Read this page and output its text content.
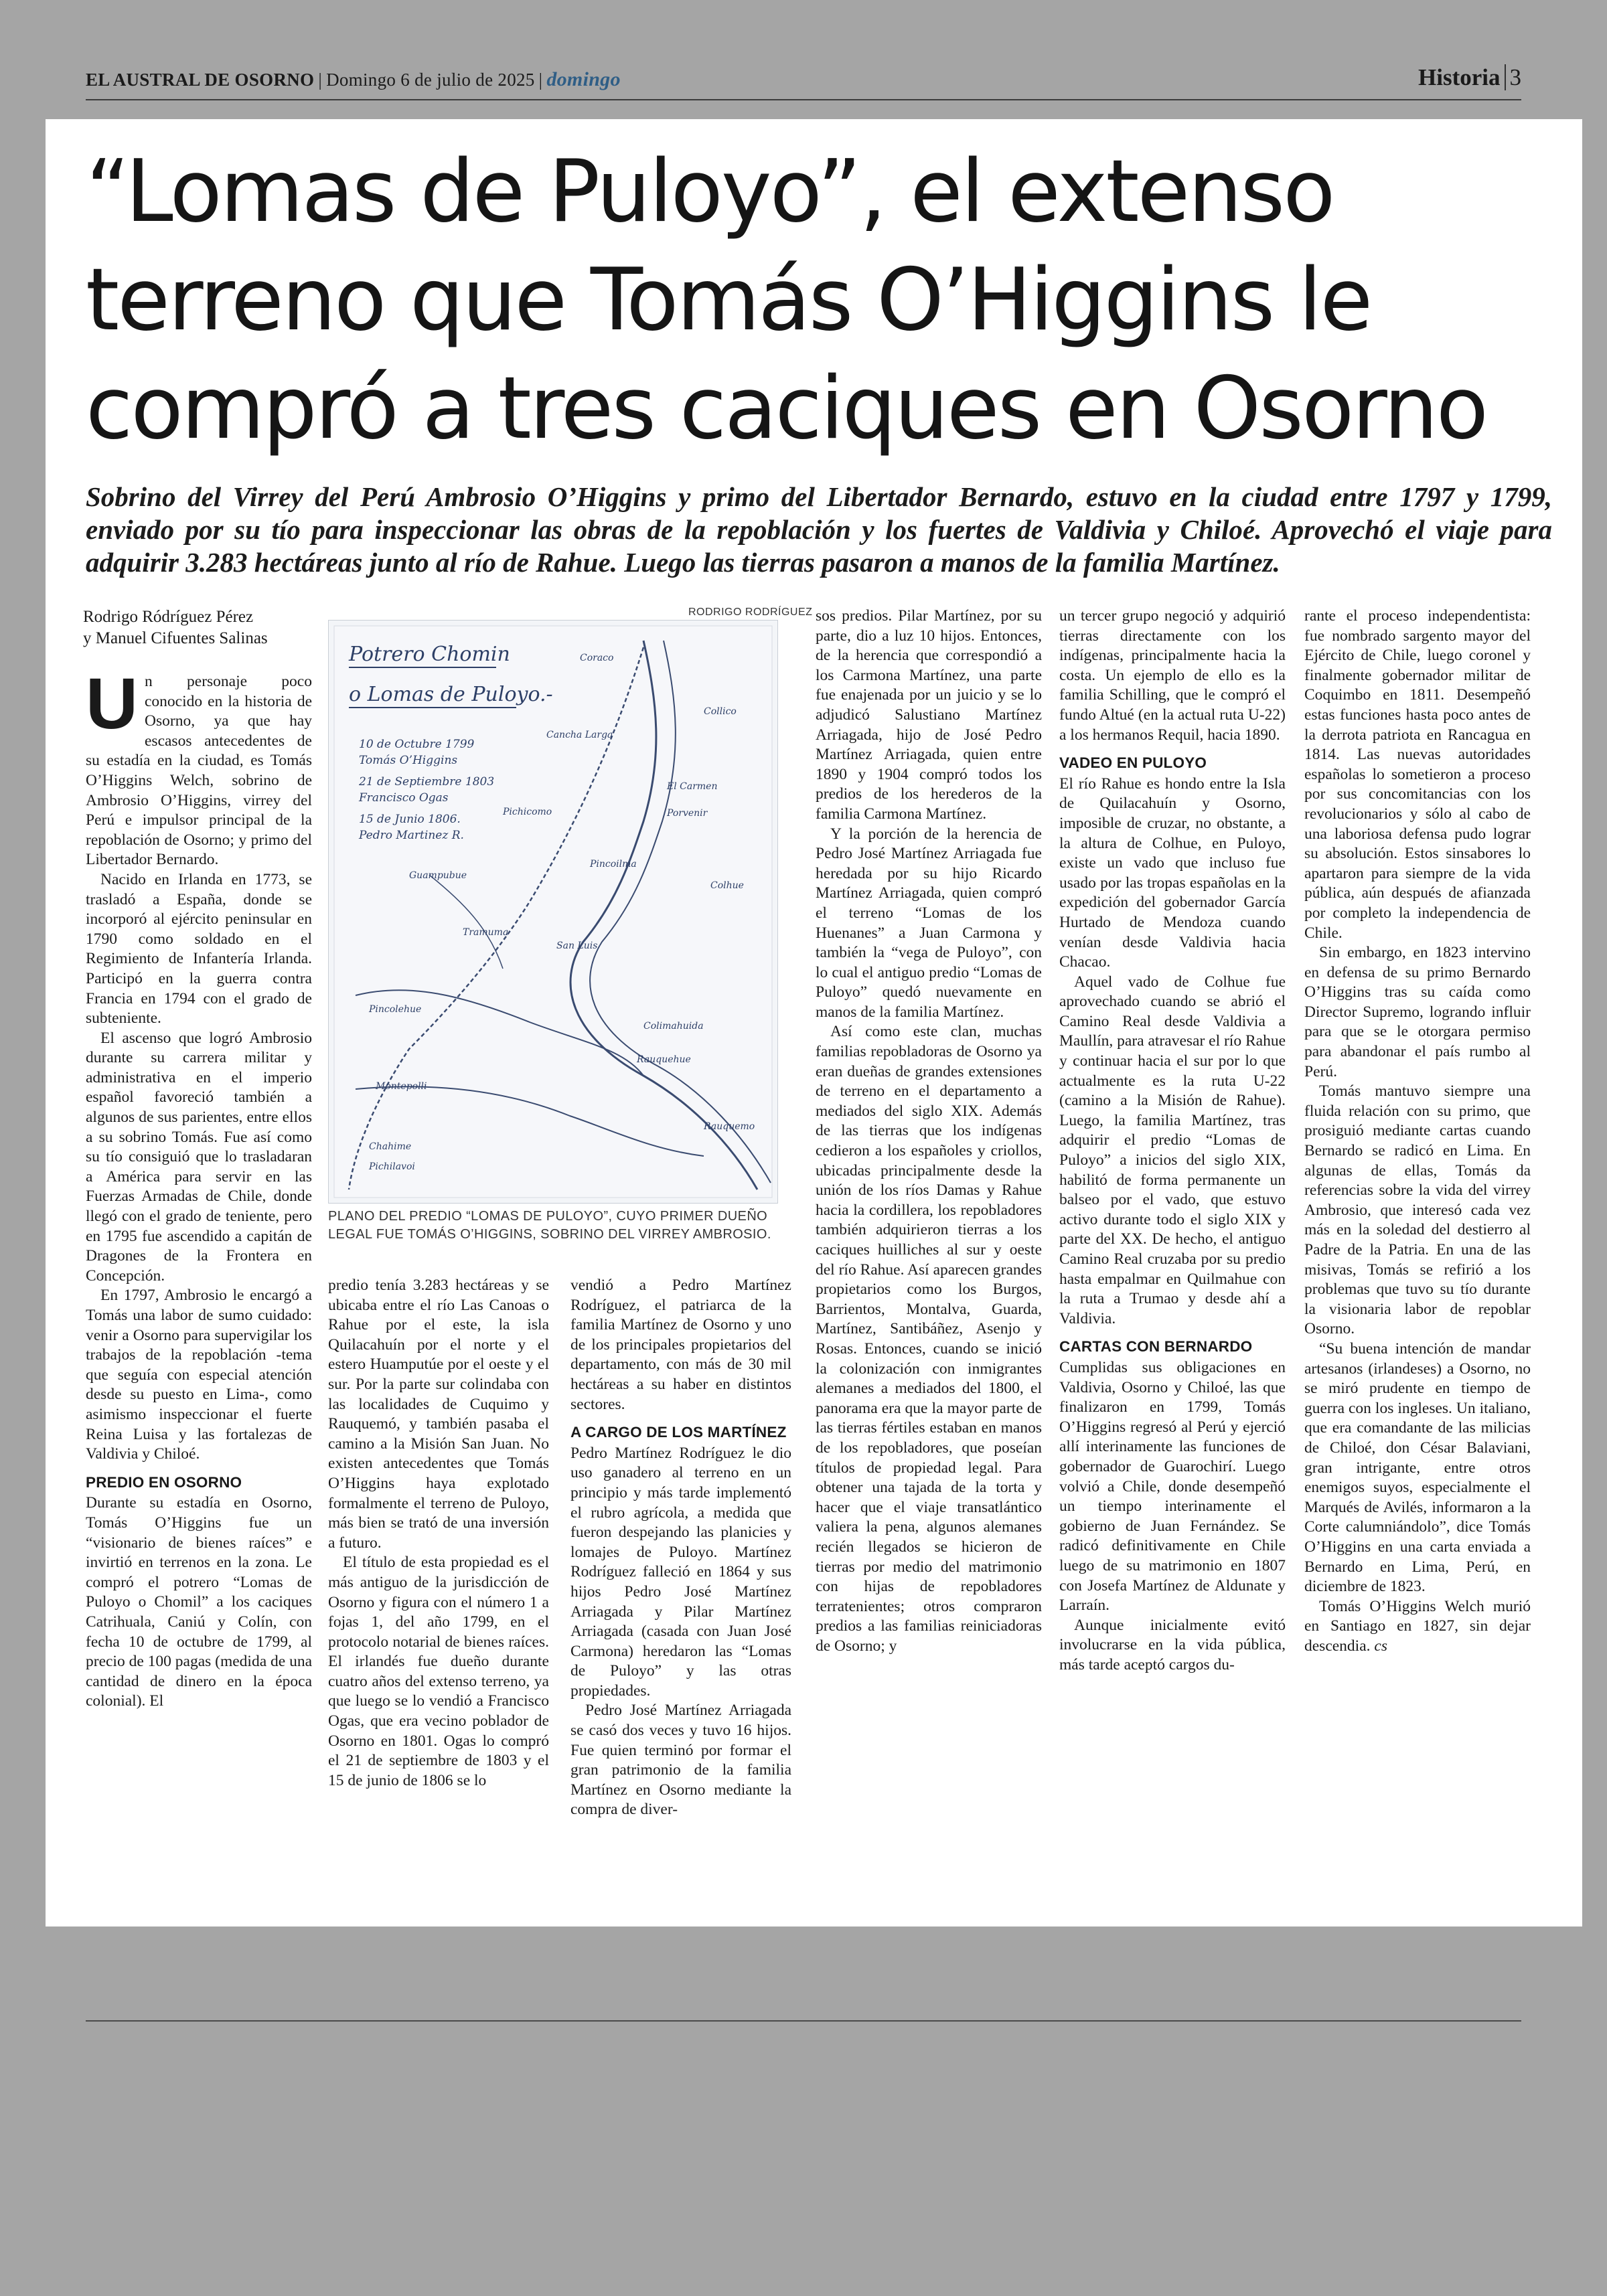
EL AUSTRAL DE OSORNO | Domingo 6 de julio de 2025 | domingo	Historia 3
“Lomas de Puloyo”, el extenso
terreno que Tomás O’Higgins le
compró a tres caciques en Osorno
Sobrino del Virrey del Perú Ambrosio O’Higgins y primo del Libertador Bernardo, estuvo en la ciudad entre 1797 y 1799, enviado por su tío para inspeccionar las obras de la repoblación y los fuertes de Valdivia y Chiloé. Aprovechó el viaje para adquirir 3.283 hectáreas junto al río de Rahue. Luego las tierras pasaron a manos de la familia Martínez.
Rodrigo Ródríguez Pérez
y Manuel Cifuentes Salinas
RODRIGO RODRÍGUEZ
Potrero Chomin
o Lomas de Puloyo.-
10 de Octubre 1799
Tomás O’Higgins
21 de Septiembre 1803
Francisco Ogas
15 de Junio 1806.
Pedro Martinez R.
Coraco
Collico
Cancha Larga
Pichicomo
El Carmen
Porvenir
Guampubue
Pincoilma
Colhue
Tramuma
San Luis
Pincolehue
Colimahuida
Rauquehue
Montepolli
Chahime
Pichilavoi
Rauquemo
PLANO DEL PREDIO “LOMAS DE PULOYO”, CUYO PRIMER DUEÑO LEGAL FUE TOMÁS O’HIGGINS, SOBRINO DEL VIRREY AMBROSIO.

Un personaje poco conocido en la historia de Osorno, ya que hay escasos antecedentes de su estadía en la ciudad, es Tomás O’Higgins Welch, sobrino de Ambrosio O’Higgins, virrey del Perú e impulsor principal de la repoblación de Osorno; y primo del Libertador Bernardo.

Nacido en Irlanda en 1773, se trasladó a España, donde se incorporó al ejército peninsular en 1790 como soldado en el Regimiento de Infantería Irlanda. Participó en la guerra contra Francia en 1794 con el grado de subteniente.

El ascenso que logró Ambrosio durante su carrera militar y administrativa en el imperio español favoreció también a algunos de sus parientes, entre ellos a su sobrino Tomás. Fue así como su tío consiguió que lo trasladaran a América para servir en las Fuerzas Armadas de Chile, donde llegó con el grado de teniente, pero en 1795 fue ascendido a capitán de Dragones de la Frontera en Concepción.

En 1797, Ambrosio le encargó a Tomás una labor de sumo cuidado: venir a Osorno para supervigilar los trabajos de la repoblación -tema que seguía con especial atención desde su puesto en Lima-, como asimismo inspeccionar el fuerte Reina Luisa y las fortalezas de Valdivia y Chiloé.

PREDIO EN OSORNO

Durante su estadía en Osorno, Tomás O’Higgins fue un “visionario de bienes raíces” e invirtió en terrenos en la zona. Le compró el potrero “Lomas de Puloyo o Chomil” a los caciques Catrihuala, Caniú y Colín, con fecha 10 de octubre de 1799, al precio de 100 pagas (medida de una cantidad de dinero en la época colonial). El

predio tenía 3.283 hectáreas y se ubicaba entre el río Las Canoas o Rahue por el este, la isla Quilacahuín por el norte y el estero Huamputúe por el oeste y el sur. Por la parte sur colindaba con las localidades de Cuquimo y Rauquemó, y también pasaba el camino a la Misión San Juan. No existen antecedentes que Tomás O’Higgins haya explotado formalmente el terreno de Puloyo, más bien se trató de una inversión a futuro.

El título de esta propiedad es el más antiguo de la jurisdicción de Osorno y figura con el número 1 a fojas 1, del año 1799, en el protocolo notarial de bienes raíces. El irlandés fue dueño durante cuatro años del extenso terreno, ya que luego se lo vendió a Francisco Ogas, que era vecino poblador de Osorno en 1801. Ogas lo compró el 21 de septiembre de 1803 y el 15 de junio de 1806 se lo

vendió a Pedro Martínez Rodríguez, el patriarca de la familia Martínez de Osorno y uno de los principales propietarios del departamento, con más de 30 mil hectáreas a su haber en distintos sectores.

A CARGO DE LOS MARTÍNEZ

Pedro Martínez Rodríguez le dio uso ganadero al terreno en un principio y más tarde implementó el rubro agrícola, a medida que fueron despejando las planicies y lomajes de Puloyo. Martínez Rodríguez falleció en 1864 y sus hijos Pedro José Martínez Arriagada y Pilar Martínez Arriagada (casada con Juan José Carmona) heredaron las “Lomas de Puloyo” y las otras propiedades.

Pedro José Martínez Arriagada se casó dos veces y tuvo 16 hijos. Fue quien terminó por formar el gran patrimonio de la familia Martínez en Osorno mediante la compra de diver-

sos predios. Pilar Martínez, por su parte, dio a luz 10 hijos. Entonces, de la herencia que correspondió a los Carmona Martínez, una parte fue enajenada por un juicio y se lo adjudicó Salustiano Martínez Arriagada, hijo de José Pedro Martínez Arriagada, quien entre 1890 y 1904 compró todos los predios de los herederos de la familia Carmona Martínez.

Y la porción de la herencia de Pedro José Martínez Arriagada fue heredada por su hijo Ricardo Martínez Arriagada, quien compró el terreno “Lomas de los Huenanes” a Juan Carmona y también la “vega de Puloyo”, con lo cual el antiguo predio “Lomas de Puloyo” quedó nuevamente en manos de la familia Martínez.

Así como este clan, muchas familias repobladoras de Osorno ya eran dueñas de grandes extensiones de terreno en el departamento a mediados del siglo XIX. Además de las tierras que los indígenas cedieron a los españoles y criollos, ubicadas principalmente desde la unión de los ríos Damas y Rahue hacia la cordillera, los repobladores también adquirieron tierras a los caciques huilliches al sur y oeste del río Rahue. Así aparecen grandes propietarios como los Burgos, Barrientos, Montalva, Guarda, Martínez, Santibáñez, Asenjo y Rosas. Entonces, cuando se inició la colonización con inmigrantes alemanes a mediados del 1800, el panorama era que la mayor parte de las tierras fértiles estaban en manos de los repobladores, que poseían títulos de propiedad legal. Para obtener una tajada de la torta y hacer que el viaje transatlántico valiera la pena, algunos alemanes recién llegados se hicieron de tierras por medio del matrimonio con hijas de repobladores terratenientes; otros compraron predios a las familias reiniciadoras de Osorno; y

un tercer grupo negoció y adquirió tierras directamente con los indígenas, principalmente hacia la costa. Un ejemplo de ello es la familia Schilling, que le compró el fundo Altué (en la actual ruta U-22) a los hermanos Requil, hacia 1890.

VADEO EN PULOYO

El río Rahue es hondo entre la Isla de Quilacahuín y Osorno, imposible de cruzar, no obstante, a la altura de Colhue, en Puloyo, existe un vado que incluso fue usado por las tropas españolas en la expedición del gobernador García Hurtado de Mendoza cuando venían desde Valdivia hacia Chacao.

Aquel vado de Colhue fue aprovechado cuando se abrió el Camino Real desde Valdivia a Maullín, para atravesar el río Rahue y continuar hacia el sur por lo que actualmente es la ruta U-22 (camino a la Misión de Rahue). Luego, la familia Martínez, tras adquirir el predio “Lomas de Puloyo” a inicios del siglo XIX, habilitó de forma permanente un balseo por el vado, que estuvo activo durante todo el siglo XIX y parte del XX. De hecho, el antiguo Camino Real cruzaba por su predio hasta empalmar en Quilmahue con la ruta a Trumao y desde ahí a Valdivia.

CARTAS CON BERNARDO

Cumplidas sus obligaciones en Valdivia, Osorno y Chiloé, las que finalizaron en 1799, Tomás O’Higgins regresó al Perú y ejerció allí interinamente las funciones de gobernador de Guarochirí. Luego volvió a Chile, donde desempeñó un tiempo interinamente el gobierno de Juan Fernández. Se radicó definitivamente en Chile luego de su matrimonio en 1807 con Josefa Martínez de Aldunate y Larraín.

Aunque inicialmente evitó involucrarse en la vida pública, más tarde aceptó cargos du-

rante el proceso independentista: fue nombrado sargento mayor del Ejército de Chile, luego coronel y finalmente gobernador militar de Coquimbo en 1811. Desempeñó estas funciones hasta poco antes de la derrota patriota en Rancagua en 1814. Las nuevas autoridades españolas lo sometieron a proceso por sus concomitancias con los revolucionarios y sólo al cabo de una laboriosa defensa pudo lograr su absolución. Estos sinsabores lo apartaron para siempre de la vida pública, aún después de afianzada por completo la independencia de Chile.

Sin embargo, en 1823 intervino en defensa de su primo Bernardo O’Higgins tras su caída como Director Supremo, logrando influir para que se le otorgara permiso para abandonar el país rumbo al Perú.

Tomás mantuvo siempre una fluida relación con su primo, que prosiguió mediante cartas cuando Bernardo se radicó en Lima. En algunas de ellas, Tomás da referencias sobre la vida del virrey Ambrosio, que interesó cada vez más en la soledad del destierro al Padre de la Patria. En una de las misivas, Tomás se refirió a los problemas que tuvo su tío durante la visionaria labor de repoblar Osorno.

“Su buena intención de mandar artesanos (irlandeses) a Osorno, no se miró prudente en tiempo de guerra con los ingleses. Un italiano, que era comandante de las milicias de Chiloé, don César Balaviani, gran intrigante, entre otros enemigos suyos, especialmente el Marqués de Avilés, informaron a la Corte calumniándolo”, dice Tomás O’Higgins en una carta enviada a Bernardo en Lima, Perú, en diciembre de 1823.

Tomás O’Higgins Welch murió en Santiago en 1827, sin dejar descendia. cs
